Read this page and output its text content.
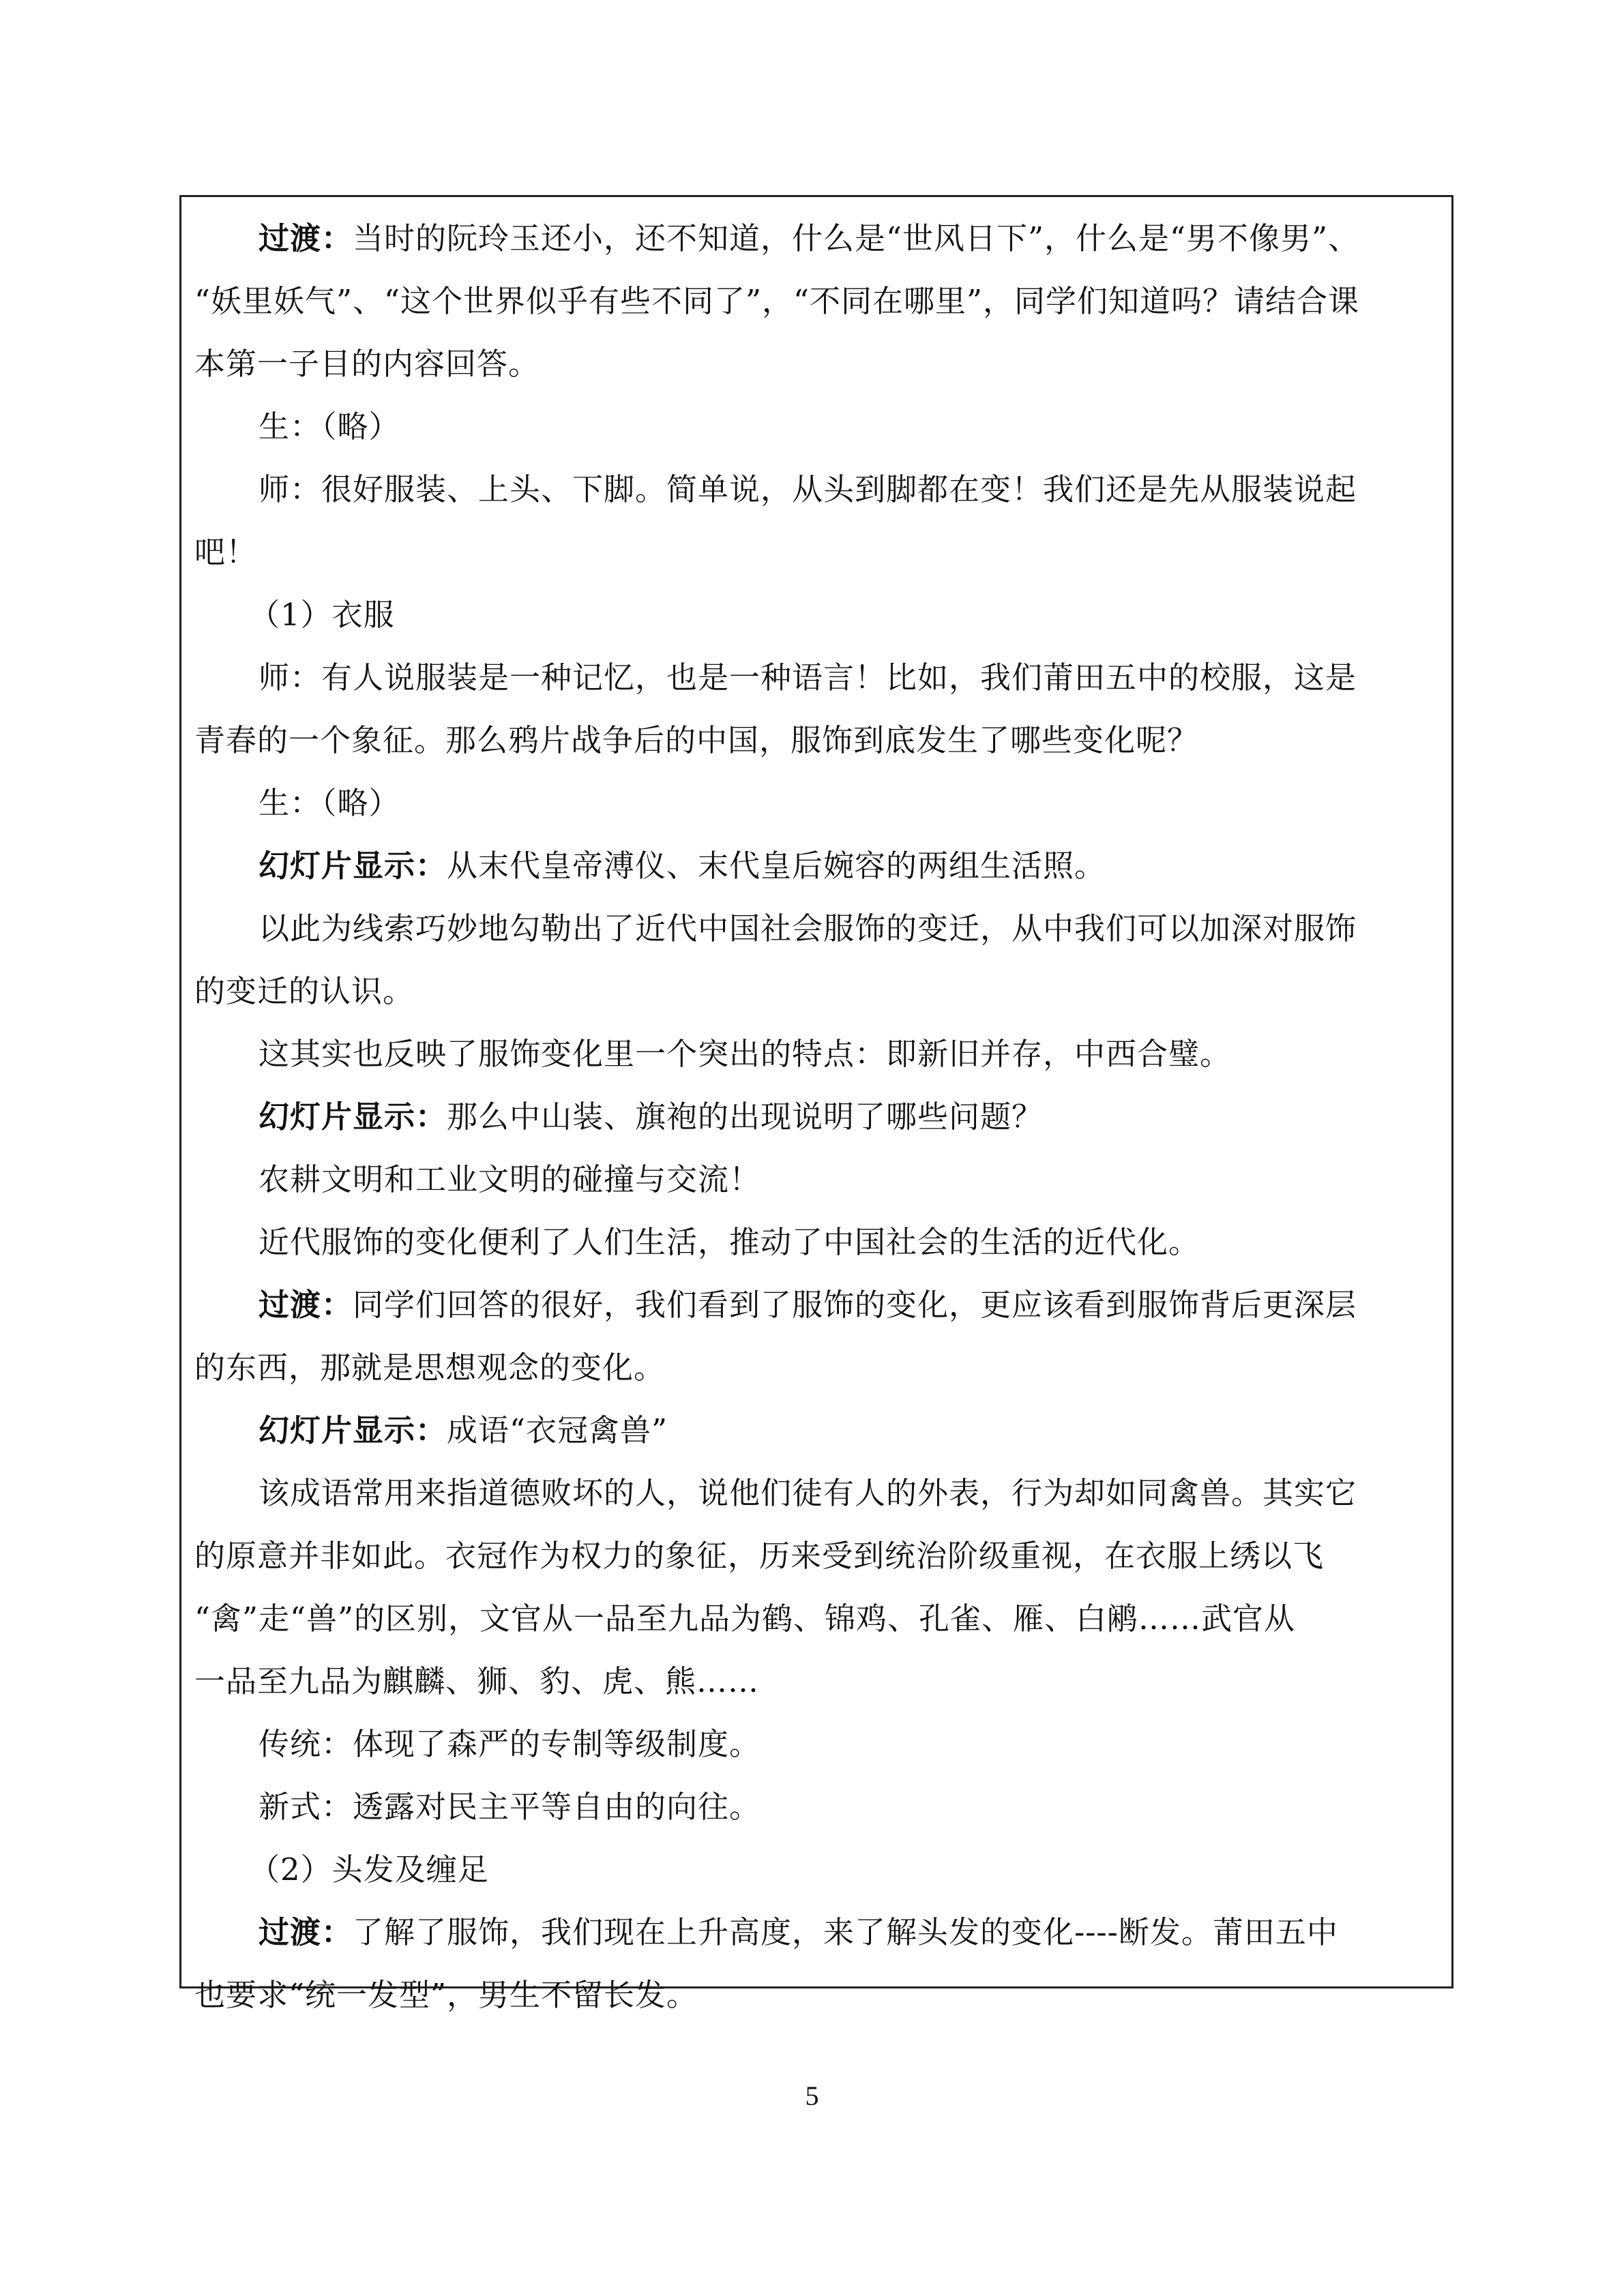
过渡：当时的阮玲玉还小，还不知道，什么是“世风日下”，什么是“男不像男”、

“妖里妖气”、“这个世界似乎有些不同了”，“不同在哪里”，同学们知道吗？请结合课

本第一子目的内容回答。

生：（略）

师：很好服装、上头、下脚。简单说，从头到脚都在变！我们还是先从服装说起

吧！

（1）衣服

师：有人说服装是一种记忆，也是一种语言！比如，我们莆田五中的校服，这是

青春的一个象征。那么鸦片战争后的中国，服饰到底发生了哪些变化呢？

生：（略）

幻灯片显示：从末代皇帝溥仪、末代皇后婉容的两组生活照。

以此为线索巧妙地勾勒出了近代中国社会服饰的变迁，从中我们可以加深对服饰

的变迁的认识。

这其实也反映了服饰变化里一个突出的特点：即新旧并存，中西合璧。

幻灯片显示：那么中山装、旗袍的出现说明了哪些问题？

农耕文明和工业文明的碰撞与交流！

近代服饰的变化便利了人们生活，推动了中国社会的生活的近代化。

过渡：同学们回答的很好，我们看到了服饰的变化，更应该看到服饰背后更深层

的东西，那就是思想观念的变化。

幻灯片显示：成语“衣冠禽兽”

该成语常用来指道德败坏的人，说他们徒有人的外表，行为却如同禽兽。其实它

的原意并非如此。衣冠作为权力的象征，历来受到统治阶级重视，在衣服上绣以飞

“禽”走“兽”的区别，文官从一品至九品为鹤、锦鸡、孔雀、雁、白鹇……武官从

一品至九品为麒麟、狮、豹、虎、熊……

传统：体现了森严的专制等级制度。

新式：透露对民主平等自由的向往。

（2）头发及缠足

过渡：了解了服饰，我们现在上升高度，来了解头发的变化----断发。莆田五中

也要求“统一发型”，男生不留长发。

5
